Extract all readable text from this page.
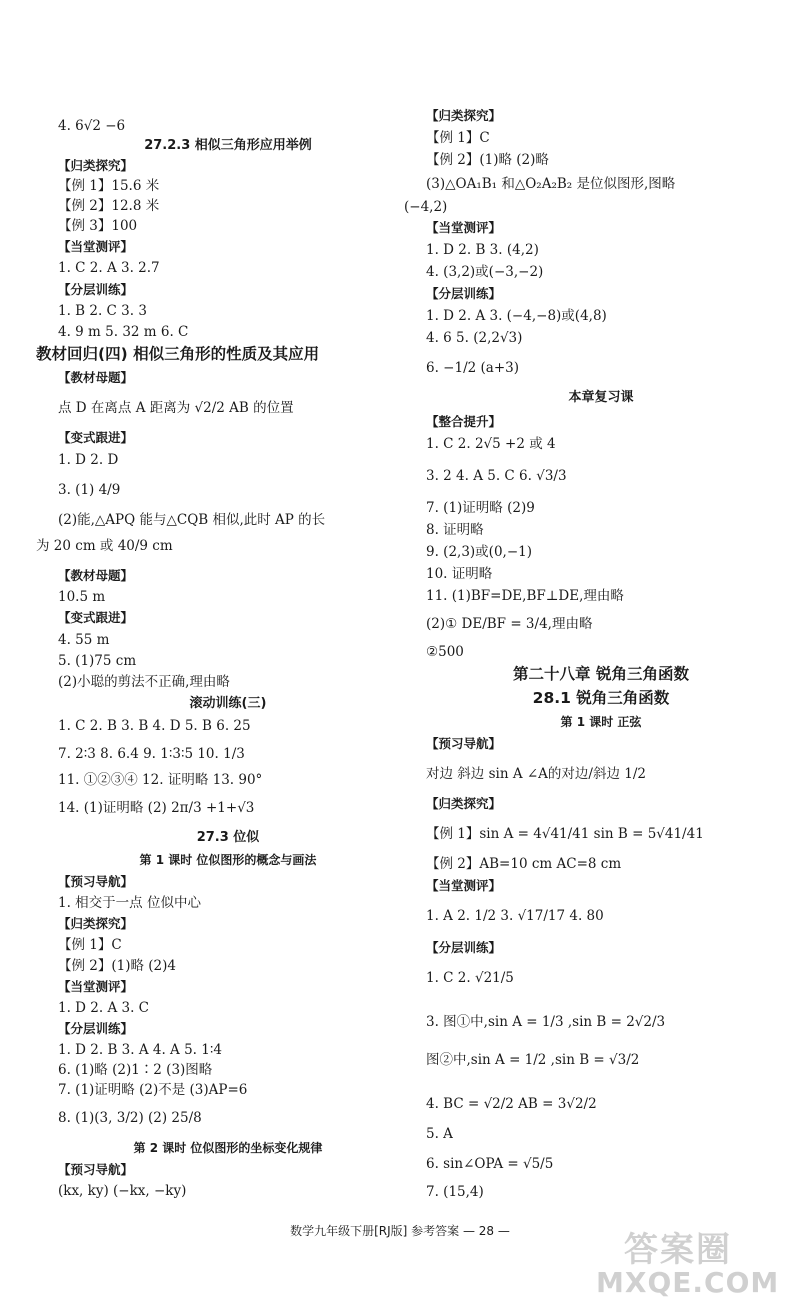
4. 6√2 −6
27.2.3 相似三角形应用举例
【归类探究】
【例 1】15.6 米
【例 2】12.8 米
【例 3】100
【当堂测评】
1. C 2. A 3. 2.7
【分层训练】
1. B 2. C 3. 3
4. 9 m 5. 32 m 6. C
教材回归(四) 相似三角形的性质及其应用
【教材母题】
点 D 在离点 A 距离为 √2/2 AB 的位置
【变式跟进】
1. D 2. D
3. (1) 4/9
(2)能,△APQ 能与△CQB 相似,此时 AP 的长
为 20 cm 或 40/9 cm
【教材母题】
10.5 m
【变式跟进】
4. 55 m
5. (1)75 cm
(2)小聪的剪法不正确,理由略
滚动训练(三)
1. C 2. B 3. B 4. D 5. B 6. 25
7. 2∶3 8. 6.4 9. 1∶3∶5 10. 1/3
11. ①②③④ 12. 证明略 13. 90°
14. (1)证明略 (2) 2π/3 +1+√3
27.3 位似
第 1 课时 位似图形的概念与画法
【预习导航】
1. 相交于一点 位似中心
【归类探究】
【例 1】C
【例 2】(1)略 (2)4
【当堂测评】
1. D 2. A 3. C
【分层训练】
1. D 2. B 3. A 4. A 5. 1∶4
6. (1)略 (2)1∶2 (3)图略
7. (1)证明略 (2)不是 (3)AP=6
8. (1)(3, 3/2) (2) 25/8
第 2 课时 位似图形的坐标变化规律
【预习导航】
(kx, ky) (−kx, −ky)
【归类探究】
【例 1】C
【例 2】(1)略 (2)略
(3)△OA₁B₁ 和△O₂A₂B₂ 是位似图形,图略
(−4,2)
【当堂测评】
1. D 2. B 3. (4,2)
4. (3,2)或(−3,−2)
【分层训练】
1. D 2. A 3. (−4,−8)或(4,8)
4. 6 5. (2,2√3)
6. −1/2 (a+3)
本章复习课
【整合提升】
1. C 2. 2√5 +2 或 4
3. 2 4. A 5. C 6. √3/3
7. (1)证明略 (2)9
8. 证明略
9. (2,3)或(0,−1)
10. 证明略
11. (1)BF=DE,BF⊥DE,理由略
(2)① DE/BF = 3/4,理由略
②500
第二十八章 锐角三角函数
28.1 锐角三角函数
第 1 课时 正弦
【预习导航】
对边 斜边 sin A ∠A的对边/斜边 1/2
【归类探究】
【例 1】sin A = 4√41/41 sin B = 5√41/41
【例 2】AB=10 cm AC=8 cm
【当堂测评】
1. A 2. 1/2 3. √17/17 4. 80
【分层训练】
1. C 2. √21/5
3. 图①中,sin A = 1/3 ,sin B = 2√2/3
图②中,sin A = 1/2 ,sin B = √3/2
4. BC = √2/2 AB = 3√2/2
5. A
6. sin∠OPA = √5/5
7. (15,4)
数学九年级下册[RJ版] 参考答案 — 28 —	答案圈
MXQE.COM
